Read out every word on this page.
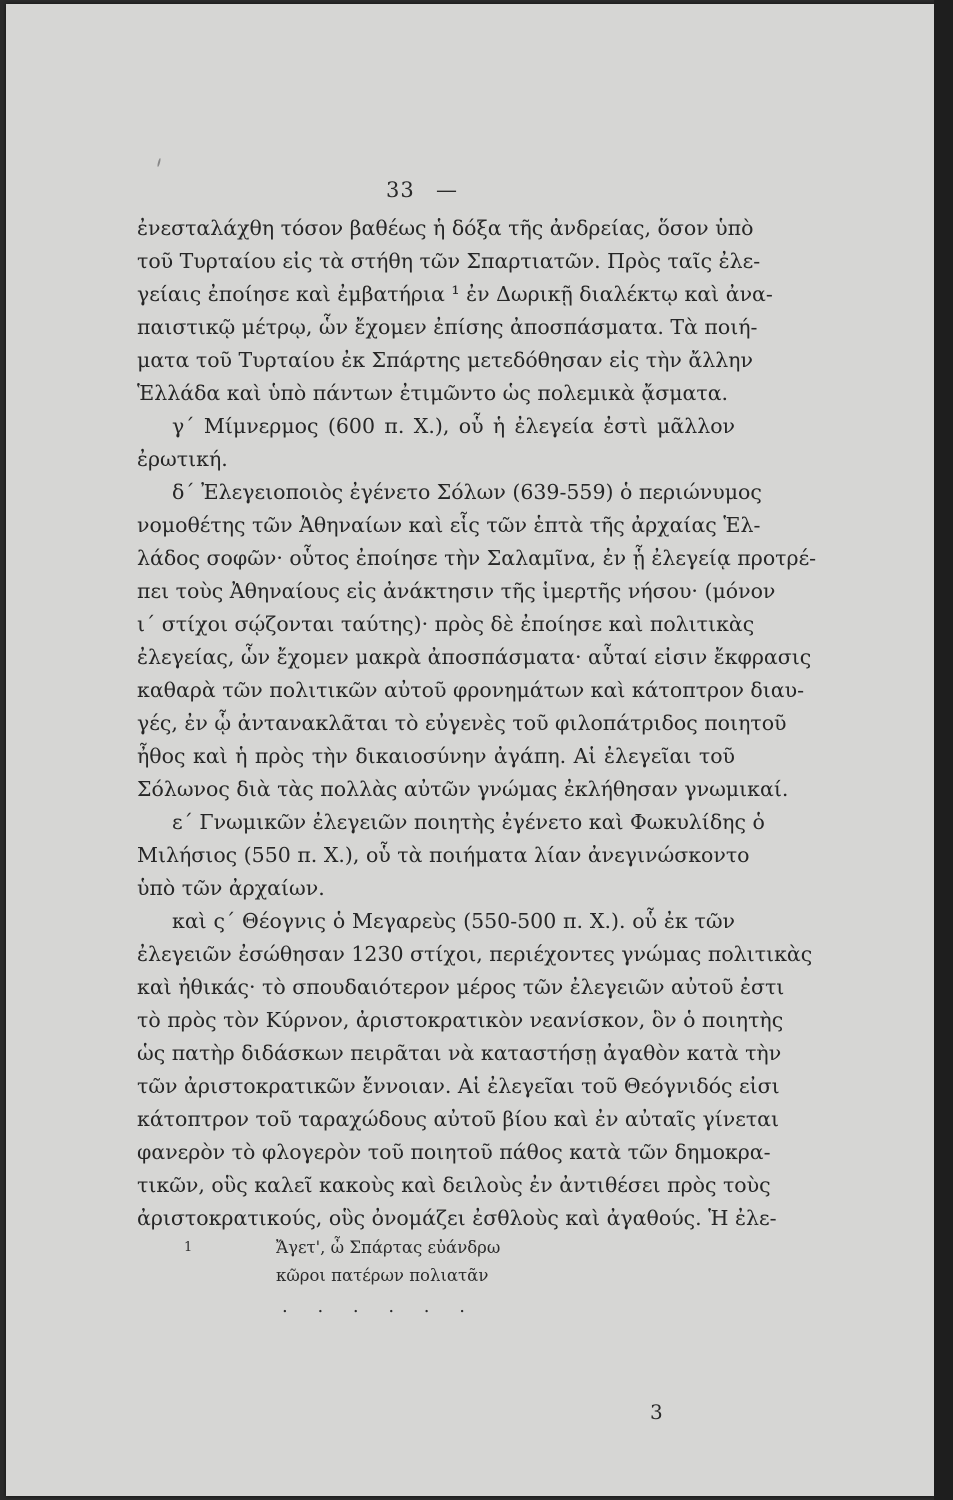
33 —
ἐνεσταλάχθη τόσον βαθέως ἡ δόξα τῆς ἀνδρείας, ὅσον ὑπὸ
τοῦ Τυρταίου εἰς τὰ στήθη τῶν Σπαρτιατῶν. Πρὸς ταῖς ἐλε-
γείαις ἐποίησε καὶ ἐμβατήρια ¹ ἐν Δωρικῇ διαλέκτῳ καὶ ἀνα-
παιστικῷ μέτρῳ, ὧν ἔχομεν ἐπίσης ἀποσπάσματα. Τὰ ποιή-
ματα τοῦ Τυρταίου ἐκ Σπάρτης μετεδόθησαν εἰς τὴν ἄλλην
Ἑλλάδα καὶ ὑπὸ πάντων ἐτιμῶντο ὡς πολεμικὰ ᾄσματα.
γ΄ Μίμνερμος (600 π. Χ.), οὗ ἡ ἐλεγεία ἐστὶ μᾶλλον
ἐρωτική.
δ΄ Ἐλεγειοποιὸς ἐγένετο Σόλων (639-559) ὁ περιώνυμος
νομοθέτης τῶν Ἀθηναίων καὶ εἷς τῶν ἑπτὰ τῆς ἀρχαίας Ἑλ-
λάδος σοφῶν· οὗτος ἐποίησε τὴν Σαλαμῖνα, ἐν ᾗ ἐλεγείᾳ προτρέ-
πει τοὺς Ἀθηναίους εἰς ἀνάκτησιν τῆς ἱμερτῆς νήσου· (μόνον
ι΄ στίχοι σῴζονται ταύτης)· πρὸς δὲ ἐποίησε καὶ πολιτικὰς
ἐλεγείας, ὧν ἔχομεν μακρὰ ἀποσπάσματα· αὗταί εἰσιν ἔκφρασις
καθαρὰ τῶν πολιτικῶν αὐτοῦ φρονημάτων καὶ κάτοπτρον διαυ-
γές, ἐν ᾧ ἀντανακλᾶται τὸ εὐγενὲς τοῦ φιλοπάτριδος ποιητοῦ
ἦθος καὶ ἡ πρὸς τὴν δικαιοσύνην ἀγάπη. Αἱ ἐλεγεῖαι τοῦ
Σόλωνος διὰ τὰς πολλὰς αὐτῶν γνώμας ἐκλήθησαν γνωμικαί.
ε΄ Γνωμικῶν ἐλεγειῶν ποιητὴς ἐγένετο καὶ Φωκυλίδης ὁ
Μιλήσιος (550 π. Χ.), οὗ τὰ ποιήματα λίαν ἀνεγινώσκοντο
ὑπὸ τῶν ἀρχαίων.
καὶ ς΄ Θέογνις ὁ Μεγαρεὺς (550-500 π. Χ.). οὗ ἐκ τῶν
ἐλεγειῶν ἐσώθησαν 1230 στίχοι, περιέχοντες γνώμας πολιτικὰς
καὶ ἠθικάς· τὸ σπουδαιότερον μέρος τῶν ἐλεγειῶν αὐτοῦ ἐστι
τὸ πρὸς τὸν Κύρνον, ἀριστοκρατικὸν νεανίσκον, ὃν ὁ ποιητὴς
ὡς πατὴρ διδάσκων πειρᾶται νὰ καταστήσῃ ἀγαθὸν κατὰ τὴν
τῶν ἀριστοκρατικῶν ἔννοιαν. Αἱ ἐλεγεῖαι τοῦ Θεόγνιδός εἰσι
κάτοπτρον τοῦ ταραχώδους αὐτοῦ βίου καὶ ἐν αὐταῖς γίνεται
φανερὸν τὸ φλογερὸν τοῦ ποιητοῦ πάθος κατὰ τῶν δημοκρα-
τικῶν, οὓς καλεῖ κακοὺς καὶ δειλοὺς ἐν ἀντιθέσει πρὸς τοὺς
ἀριστοκρατικούς, οὓς ὀνομάζει ἐσθλοὺς καὶ ἀγαθούς. Ἡ ἐλε-
1	Ἄγετ', ὦ Σπάρτας εὐάνδρω
κῶροι πατέρων πολιατᾶν
. . . . . .
3
